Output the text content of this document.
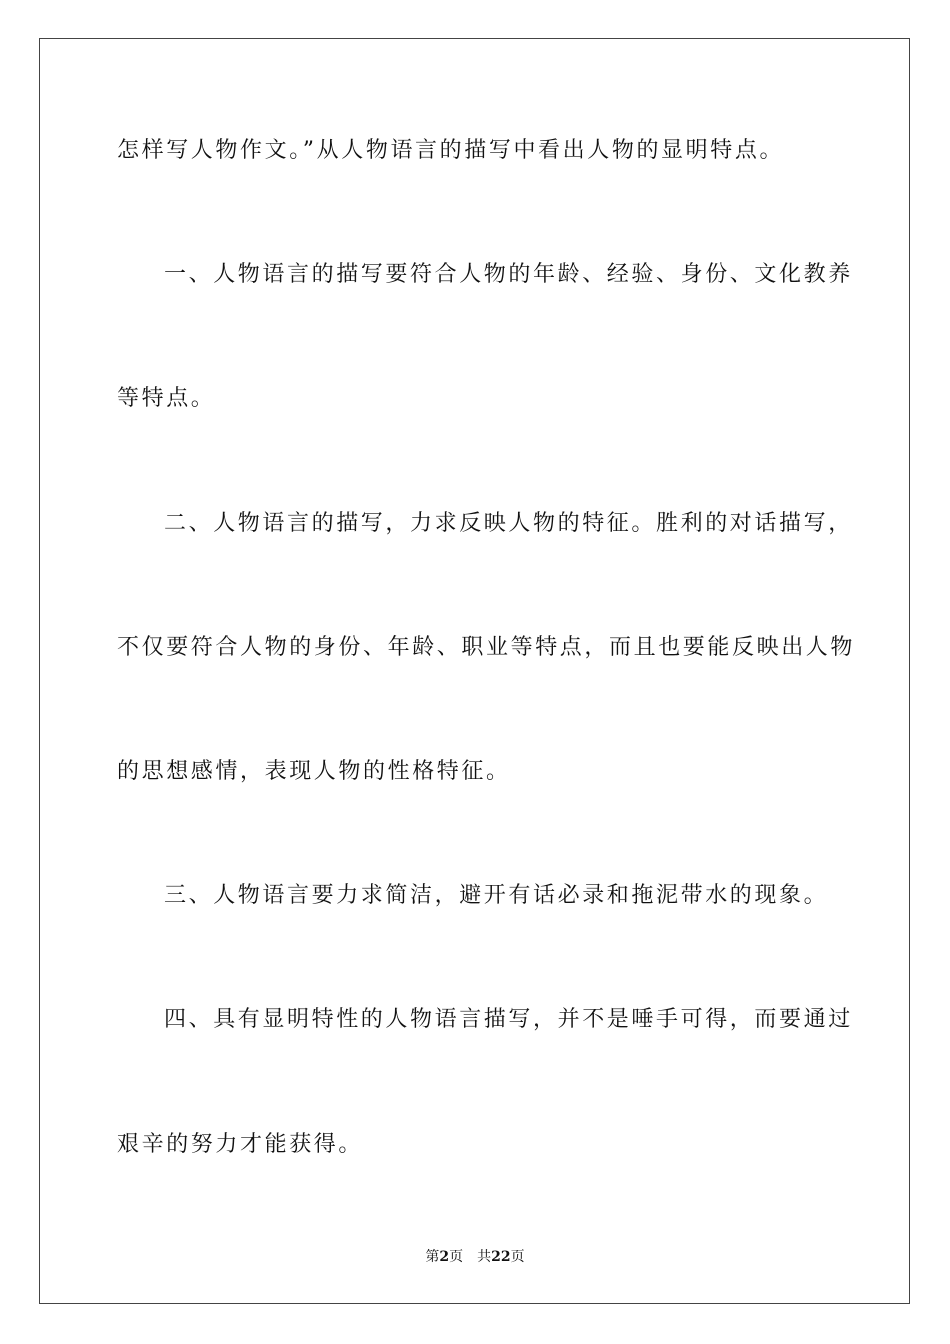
怎样写人物作文。”从人物语言的描写中看出人物的显明特点。
一、人物语言的描写要符合人物的年龄、经验、身份、文化教养
等特点。
二、人物语言的描写，力求反映人物的特征。胜利的对话描写，
不仅要符合人物的身份、年龄、职业等特点，而且也要能反映出人物
的思想感情，表现人物的性格特征。
三、人物语言要力求简洁，避开有话必录和拖泥带水的现象。
四、具有显明特性的人物语言描写，并不是唾手可得，而要通过
艰辛的努力才能获得。
第2页 共22页
